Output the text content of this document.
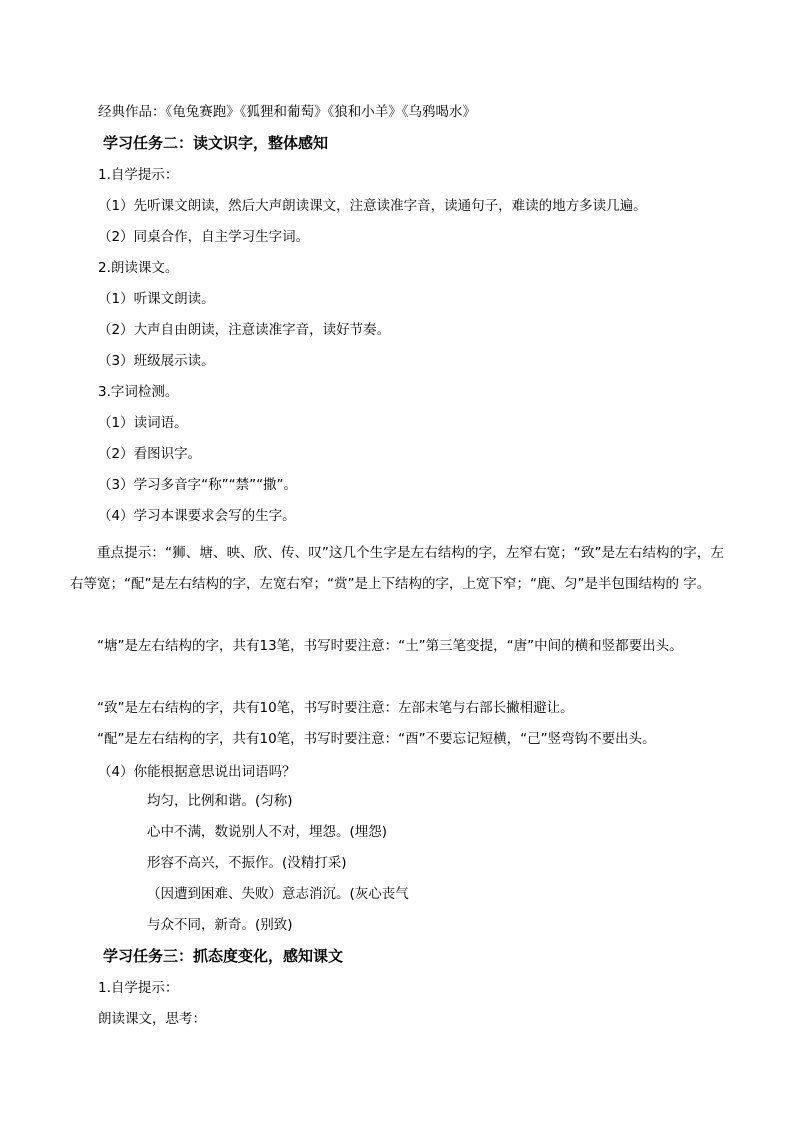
经典作品：《龟兔赛跑》《狐狸和葡萄》《狼和小羊》《乌鸦喝水》
学习任务二：读文识字，整体感知
1.自学提示：
（1）先听课文朗读，然后大声朗读课文，注意读准字音，读通句子，难读的地方多读几遍。
（2）同桌合作，自主学习生字词。
2.朗读课文。
（1）听课文朗读。
（2）大声自由朗读，注意读准字音，读好节奏。
（3）班级展示读。
3.字词检测。
（1）读词语。
（2）看图识字。
（3）学习多音字“称”“禁”“撒”。
（4）学习本课要求会写的生字。
重点提示：“狮、塘、映、欣、传、叹”这几个生字是左右结构的字，左窄右宽；“致”是左右结构的字，左右等宽；“配”是左右结构的字，左宽右窄；“赏”是上下结构的字，上宽下窄；“鹿、匀”是半包围结构的 字。
“塘”是左右结构的字，共有13笔，书写时要注意：“土”第三笔变提，“唐”中间的横和竖都要出头。
“致”是左右结构的字，共有10笔，书写时要注意：左部末笔与右部长撇相避让。
“配”是左右结构的字，共有10笔，书写时要注意：“酉”不要忘记短横，“己”竖弯钩不要出头。
（4）你能根据意思说出词语吗？
均匀，比例和谐。(匀称)
心中不满，数说别人不对，埋怨。(埋怨)
形容不高兴，不振作。(没精打采)
（因遭到困难、失败）意志消沉。(灰心丧气
与众不同，新奇。(别致)
学习任务三：抓态度变化，感知课文
1.自学提示：
朗读课文，思考：
